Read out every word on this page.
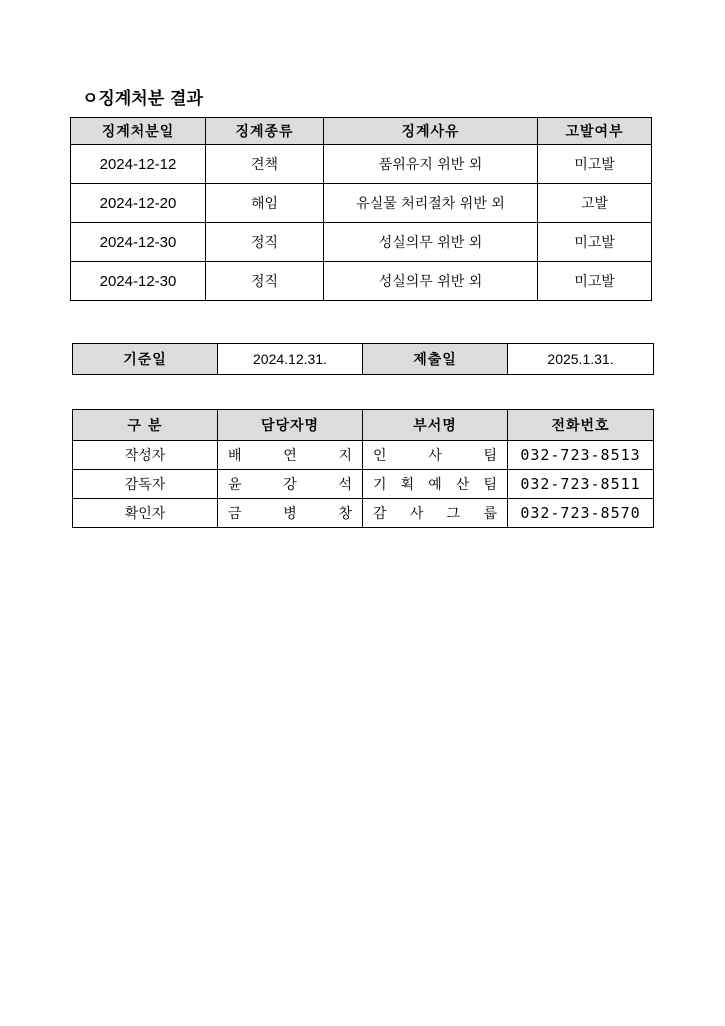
ㅇ징계처분 결과
징계처분일	징계종류	징계사유	고발여부
2024-12-12	견책	품위유지 위반 외	미고발
2024-12-20	해임	유실물 처리절차 위반 외	고발
2024-12-30	정직	성실의무 위반 외	미고발
2024-12-30	정직	성실의무 위반 외	미고발
기준일	2024.12.31.	제출일	2025.1.31.
구 분	담당자명	부서명	전화번호
작성자	배 연 지	인 사 팀	032-723-8513
감독자	윤 강 석	기 획 예 산 팀	032-723-8511
확인자	금 병 창	감 사 그 룹	032-723-8570
